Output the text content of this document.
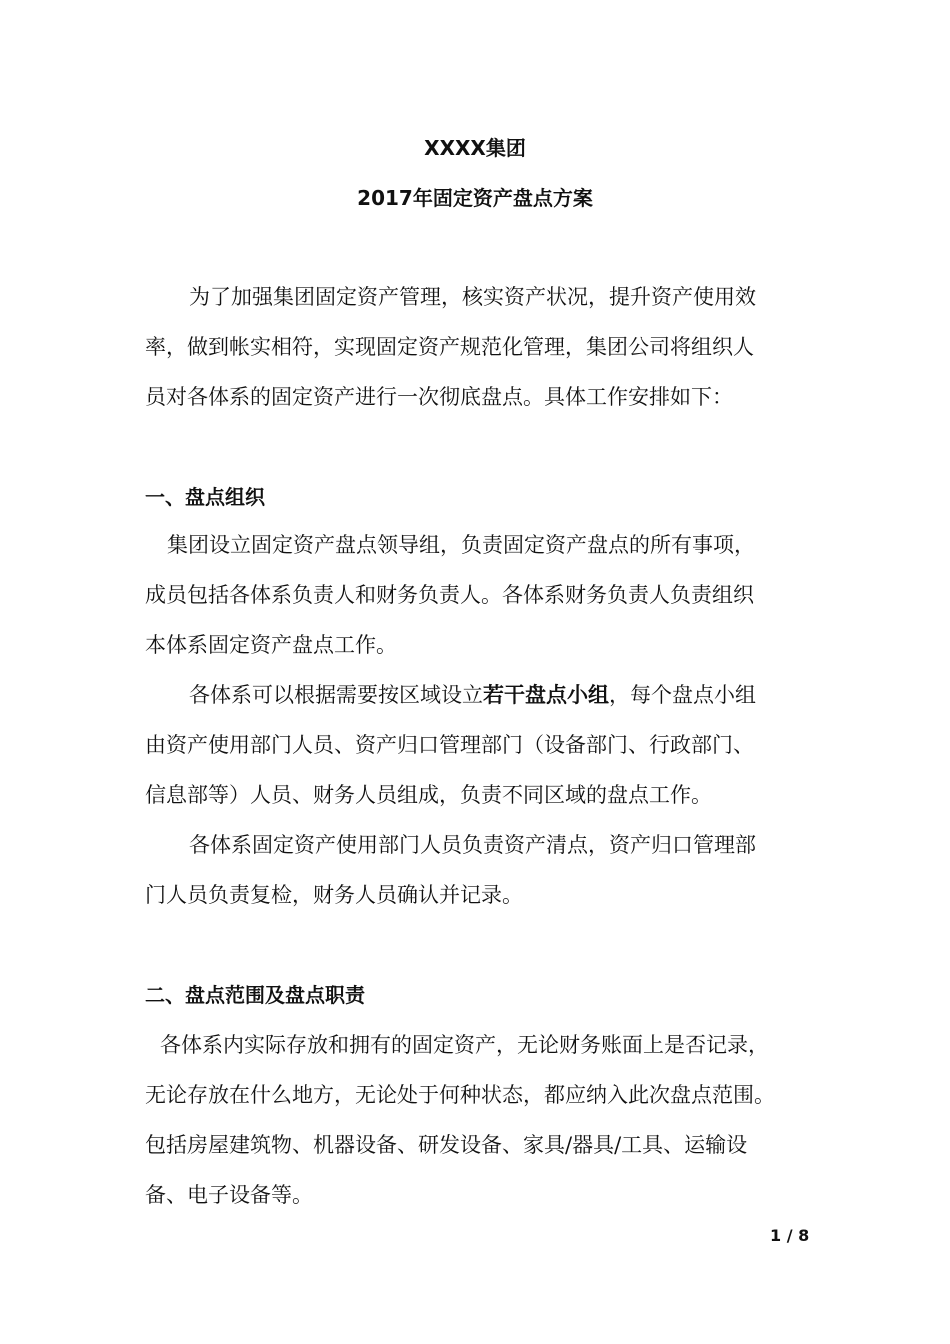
XXXX集团
2017年固定资产盘点方案
为了加强集团固定资产管理，核实资产状况，提升资产使用效
率，做到帐实相符，实现固定资产规范化管理，集团公司将组织人
员对各体系的固定资产进行一次彻底盘点。具体工作安排如下：
一、盘点组织
集团设立固定资产盘点领导组，负责固定资产盘点的所有事项，
成员包括各体系负责人和财务负责人。各体系财务负责人负责组织
本体系固定资产盘点工作。
各体系可以根据需要按区域设立若干盘点小组，每个盘点小组
由资产使用部门人员、资产归口管理部门（设备部门、行政部门、
信息部等）人员、财务人员组成，负责不同区域的盘点工作。
各体系固定资产使用部门人员负责资产清点，资产归口管理部
门人员负责复检，财务人员确认并记录。
二、盘点范围及盘点职责
各体系内实际存放和拥有的固定资产，无论财务账面上是否记录，
无论存放在什么地方，无论处于何种状态，都应纳入此次盘点范围。
包括房屋建筑物、机器设备、研发设备、家具/器具/工具、运输设
备、电子设备等。
1 / 8
